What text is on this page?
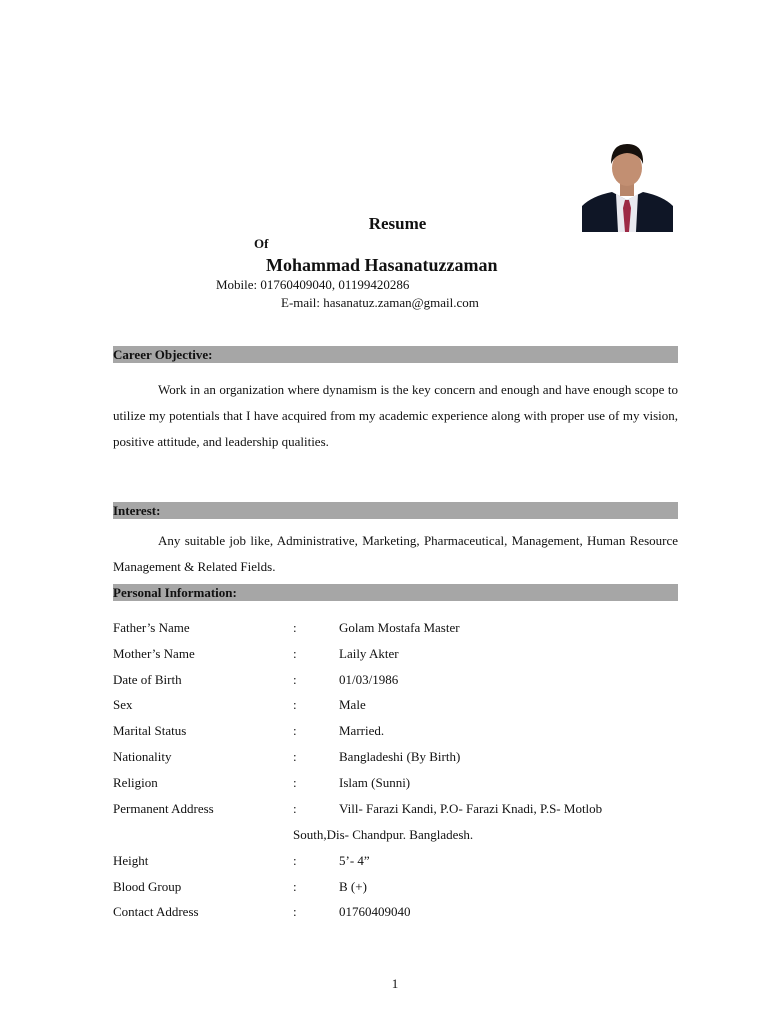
Resume
Of
Mohammad Hasanatuzzaman
Mobile: 01760409040, 01199420286
E-mail: hasanatuz.zaman@gmail.com
Career Objective:
Work in an organization where dynamism is the key concern and enough and have enough scope to utilize my potentials that I have acquired from my academic experience along with proper use of my vision, positive attitude, and leadership qualities.
Interest:
Any suitable job like, Administrative, Marketing, Pharmaceutical, Management, Human Resource Management & Related Fields.
Personal Information:
Father’s Name	:	Golam Mostafa Master
Mother’s Name	:	Laily Akter
Date of Birth	:	01/03/1986
Sex	:	Male
Marital Status	:	Married.
Nationality	:	Bangladeshi (By Birth)
Religion	:	Islam (Sunni)
Permanent Address	:	Vill- Farazi Kandi, P.O- Farazi Knadi, P.S- Motlob
South,Dis- Chandpur. Bangladesh.
Height	:	5’- 4”
Blood Group	:	B (+)
Contact Address	:	01760409040
1
